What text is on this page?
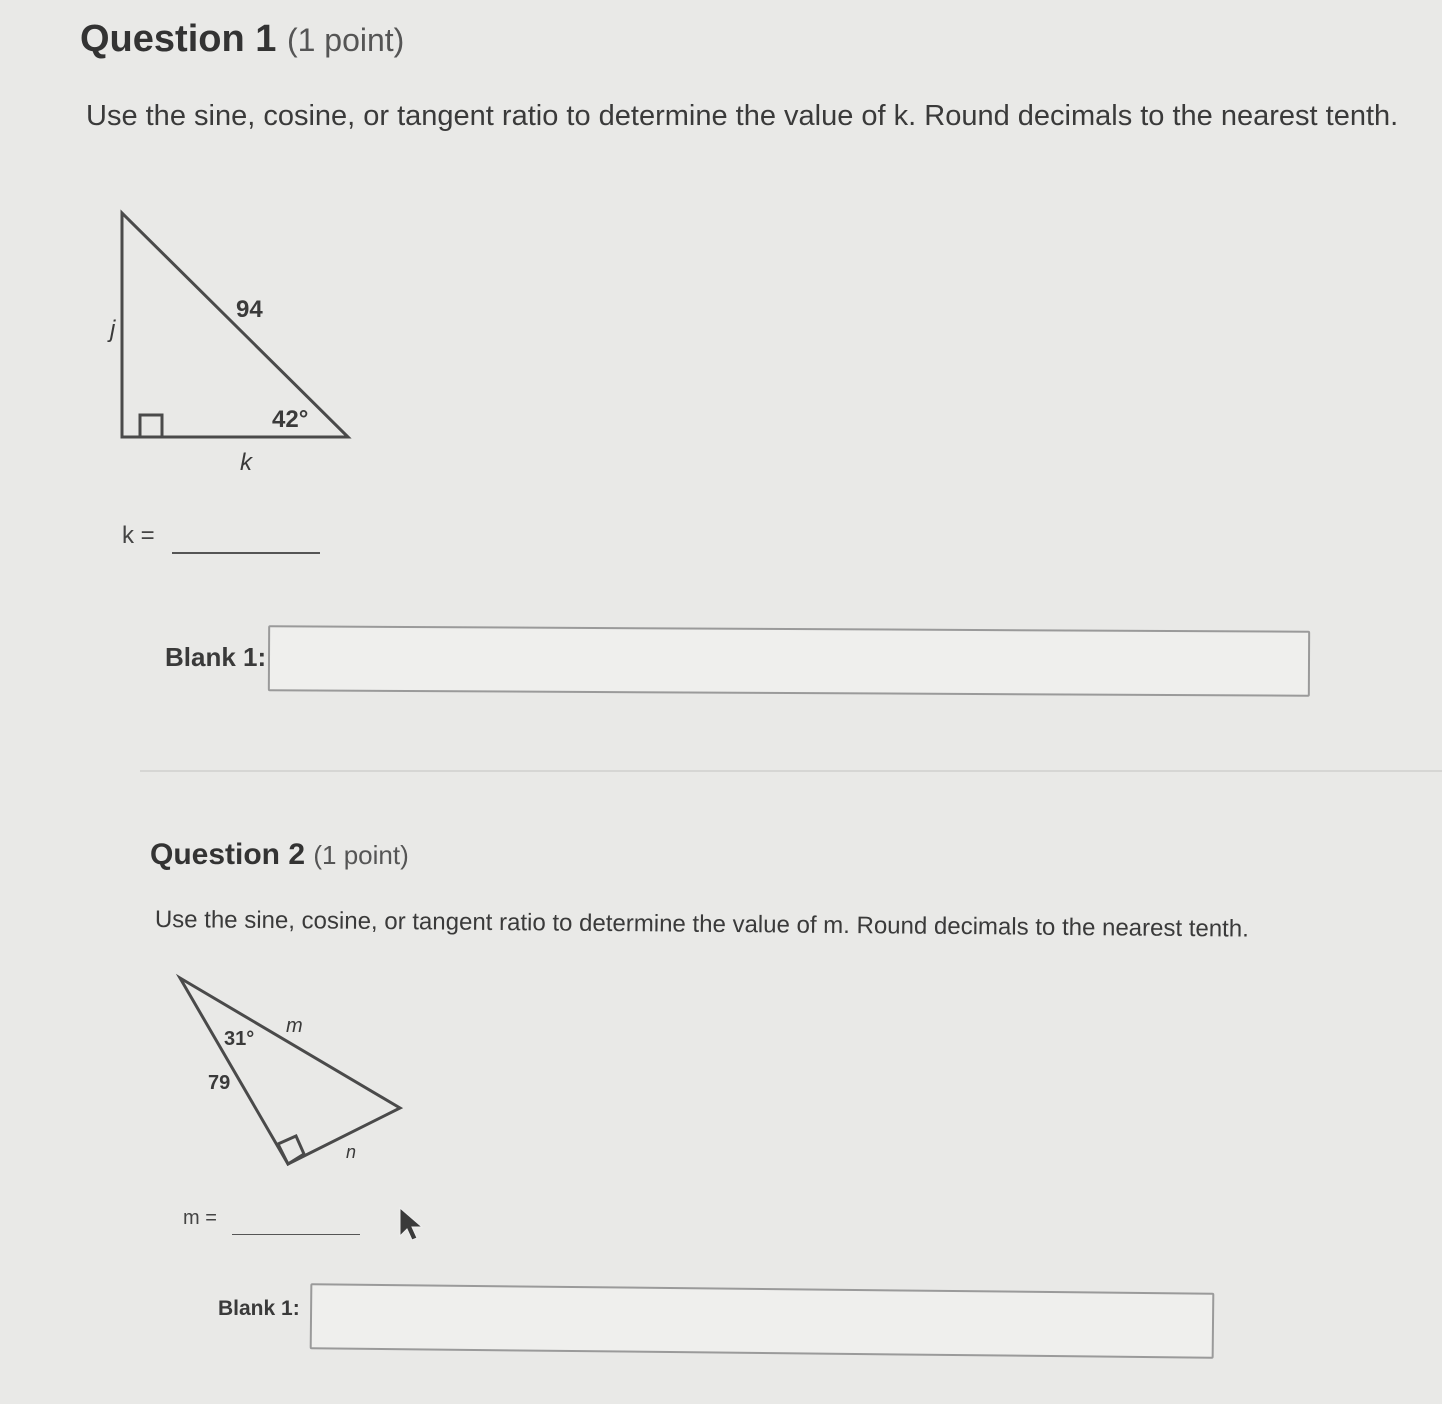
Question 1 (1 point)
Use the sine, cosine, or tangent ratio to determine the value of k. Round decimals to the nearest tenth.
94
j
42°
k
k =
Blank 1:
Question 2 (1 point)
Use the sine, cosine, or tangent ratio to determine the value of m. Round decimals to the nearest tenth.
31°
m
79
n
m =
Blank 1:
